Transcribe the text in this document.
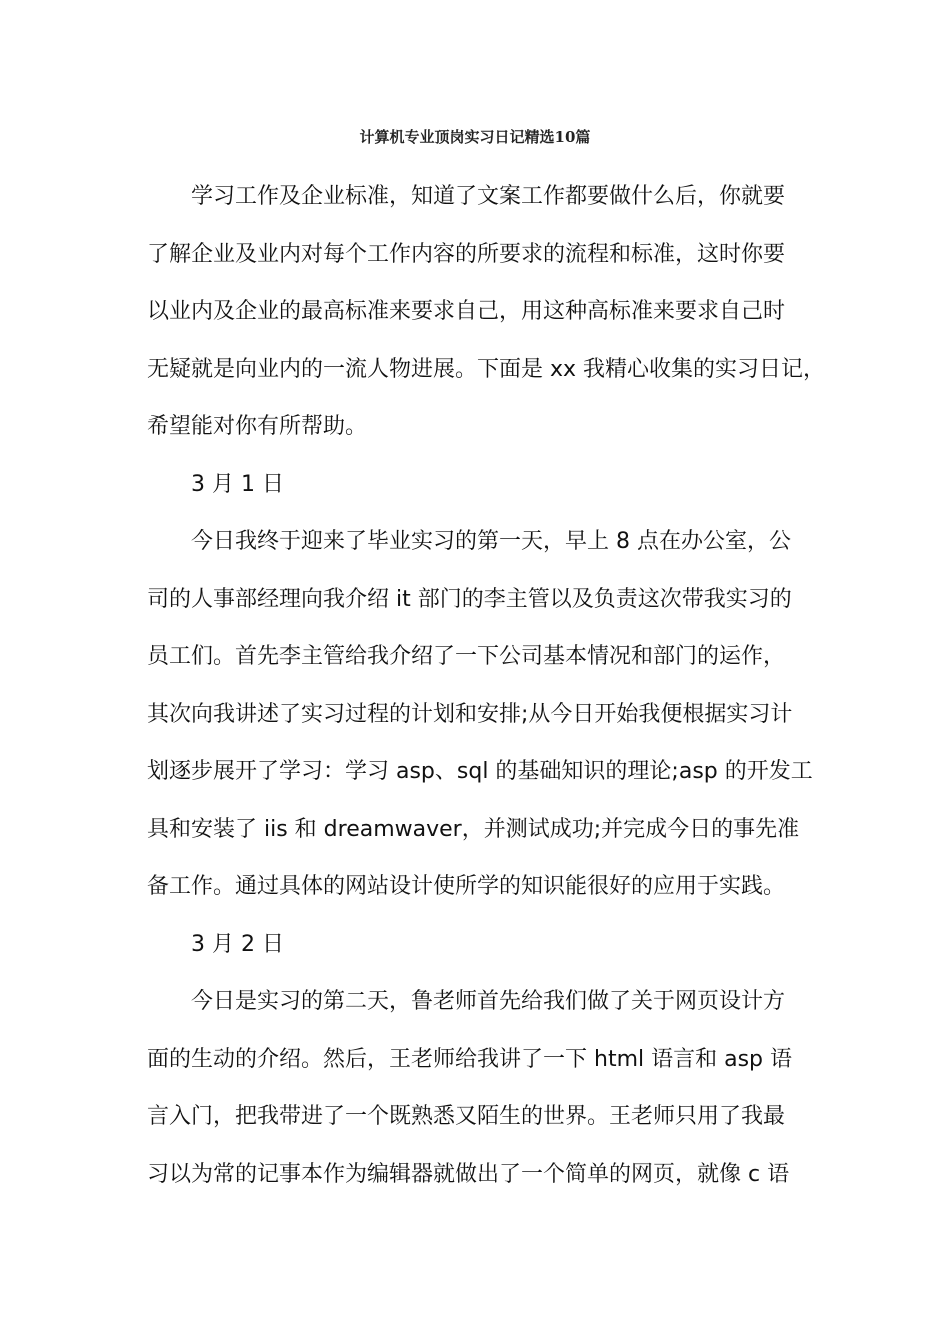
计算机专业顶岗实习日记精选10篇
学习工作及企业标准，知道了文案工作都要做什么后，你就要
了解企业及业内对每个工作内容的所要求的流程和标准，这时你要
以业内及企业的最高标准来要求自己，用这种高标准来要求自己时
无疑就是向业内的一流人物进展。下面是 xx 我精心收集的实习日记，
希望能对你有所帮助。
3 月 1 日
今日我终于迎来了毕业实习的第一天，早上 8 点在办公室，公
司的人事部经理向我介绍 it 部门的李主管以及负责这次带我实习的
员工们。首先李主管给我介绍了一下公司基本情况和部门的运作，
其次向我讲述了实习过程的计划和安排;从今日开始我便根据实习计
划逐步展开了学习：学习 asp、sql 的基础知识的理论;asp 的开发工
具和安装了 iis 和 dreamwaver，并测试成功;并完成今日的事先准
备工作。通过具体的网站设计使所学的知识能很好的应用于实践。
3 月 2 日
今日是实习的第二天，鲁老师首先给我们做了关于网页设计方
面的生动的介绍。然后，王老师给我讲了一下 html 语言和 asp 语
言入门，把我带进了一个既熟悉又陌生的世界。王老师只用了我最
习以为常的记事本作为编辑器就做出了一个简单的网页，就像 c 语
